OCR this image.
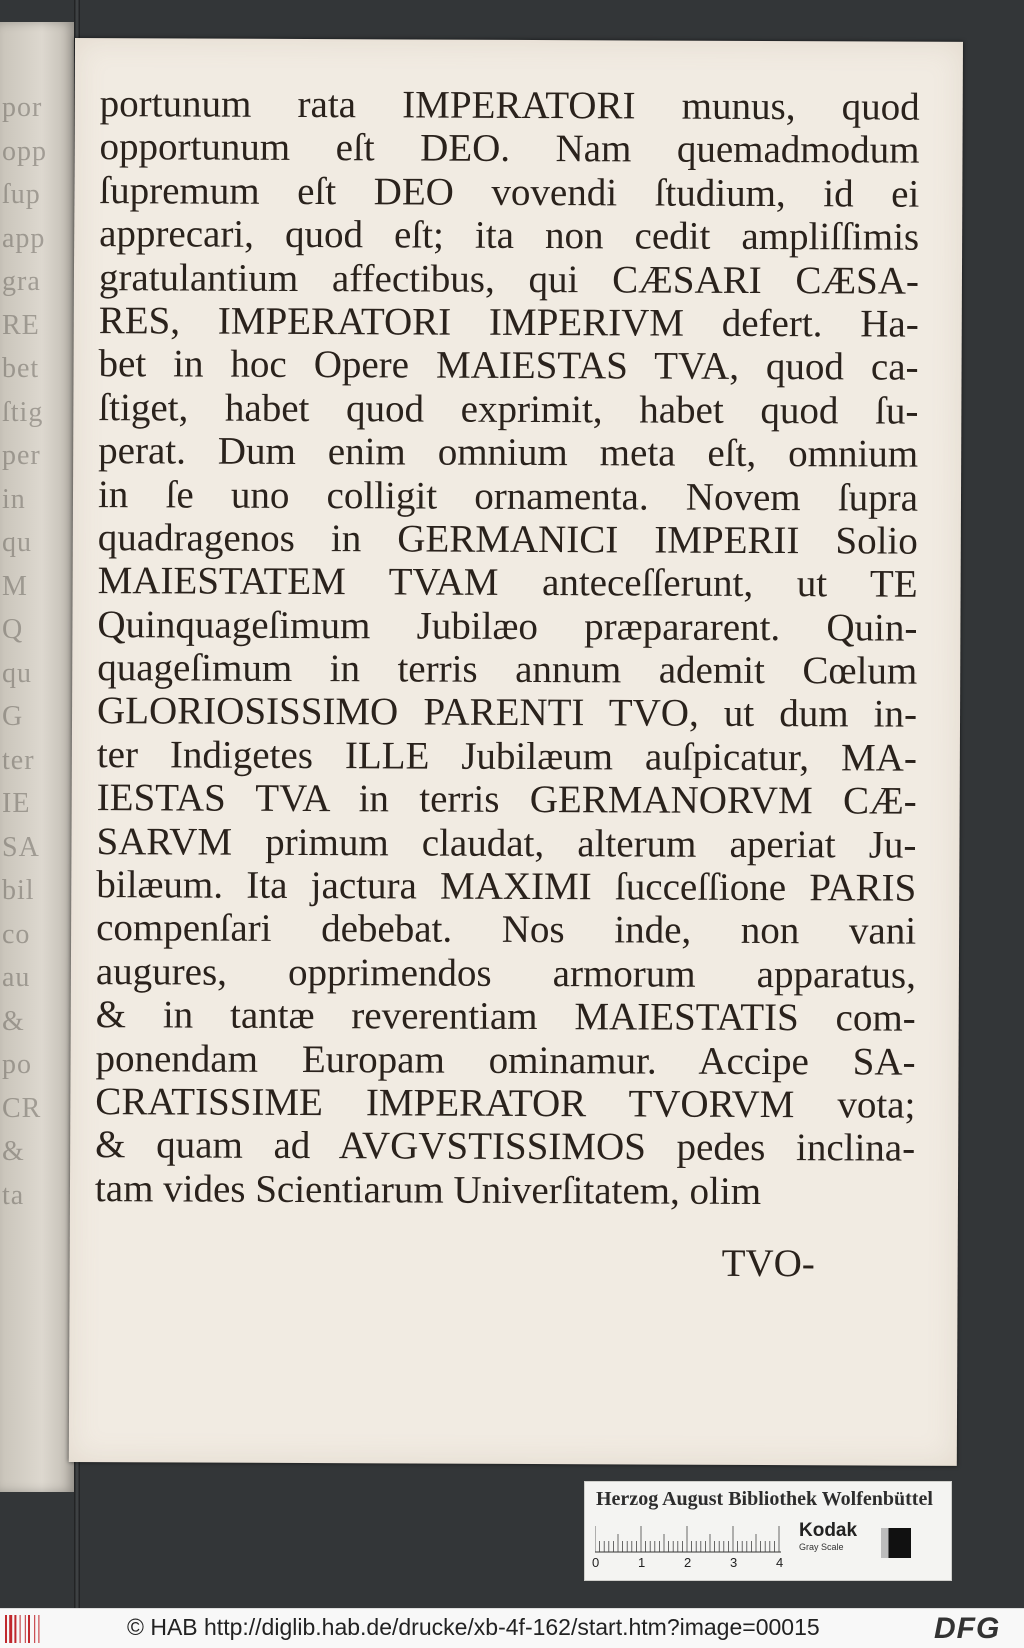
por
opp
ſup
app
gra
RE
bet
ſtig
per
in
qu
M
Q
qu
G
ter
IE
SA
bil
co
au
&
po
CR
&
ta
portunum rata IMPERATORI munus, quod
opportunum eſt DEO. Nam quemadmodum
ſupremum eſt DEO vovendi ſtudium, id ei
apprecari, quod eſt; ita non cedit ampliſſimis
gratulantium affectibus, qui CÆSARI CÆSA-
RES, IMPERATORI IMPERIVM defert. Ha-
bet in hoc Opere MAIESTAS TVA, quod ca-
ſtiget, habet quod exprimit, habet quod ſu-
perat. Dum enim omnium meta eſt, omnium
in ſe uno colligit ornamenta. Novem ſupra
quadragenos in GERMANICI IMPERII Solio
MAIESTATEM TVAM anteceſſerunt, ut TE
Quinquageſimum Jubilæo præpararent. Quin-
quageſimum in terris annum ademit Cœlum
GLORIOSISSIMO PARENTI TVO, ut dum in-
ter Indigetes ILLE Jubilæum auſpicatur, MA-
IESTAS TVA in terris GERMANORVM CÆ-
SARVM primum claudat, alterum aperiat Ju-
bilæum. Ita jactura MAXIMI ſucceſſione PARIS
compenſari debebat. Nos inde, non vani
augures, opprimendos armorum apparatus,
& in tantæ reverentiam MAIESTATIS com-
ponendam Europam ominamur. Accipe SA-
CRATISSIME IMPERATOR TVORVM vota;
& quam ad AVGVSTISSIMOS pedes inclina-
tam vides Scientiarum Univerſitatem, olim
TVO-
Herzog August Bibliothek Wolfenbüttel
0	1	2	3	4
Kodak
Gray Scale
© HAB http://diglib.hab.de/drucke/xb-4f-162/start.htm?image=00015	DFG
